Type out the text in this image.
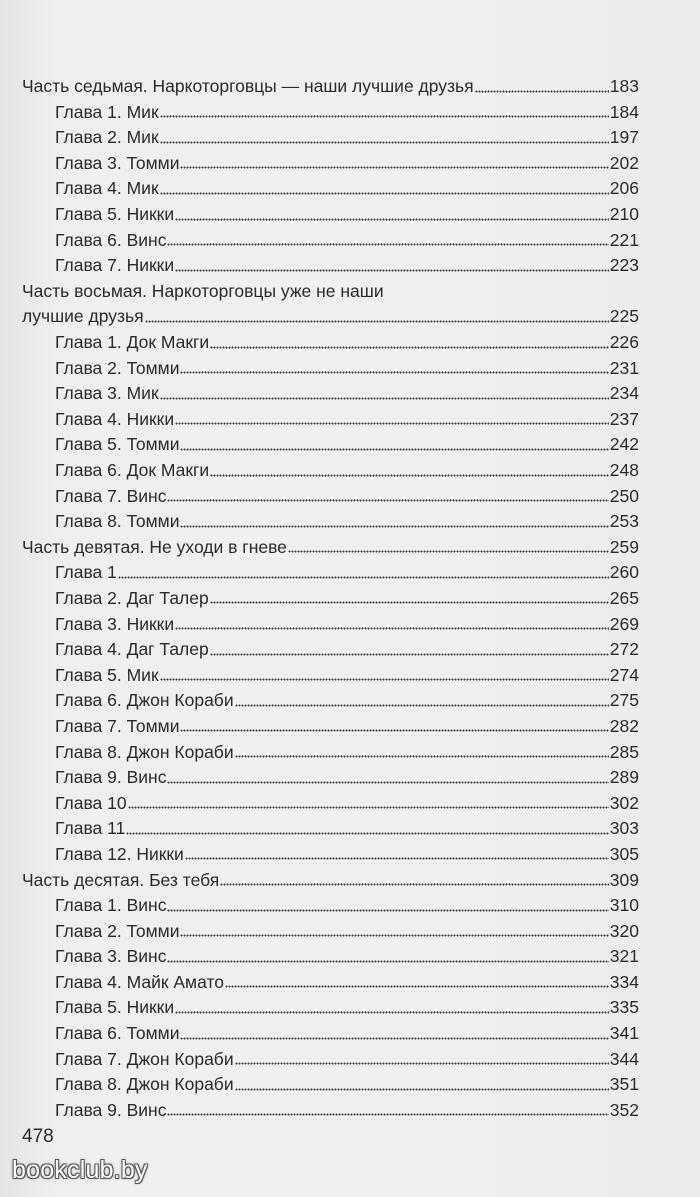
Часть седьмая. Наркоторговцы — наши лучшие друзья	183
Глава 1. Мик	184
Глава 2. Мик	197
Глава 3. Томми	202
Глава 4. Мик	206
Глава 5. Никки	210
Глава 6. Винс	221
Глава 7. Никки	223
Часть восьмая. Наркоторговцы уже не наши
лучшие друзья	225
Глава 1. Док Макги	226
Глава 2. Томми	231
Глава 3. Мик	234
Глава 4. Никки	237
Глава 5. Томми	242
Глава 6. Док Макги	248
Глава 7. Винс	250
Глава 8. Томми	253
Часть девятая. Не уходи в гневе	259
Глава 1	260
Глава 2. Даг Талер	265
Глава 3. Никки	269
Глава 4. Даг Талер	272
Глава 5. Мик	274
Глава 6. Джон Кораби	275
Глава 7. Томми	282
Глава 8. Джон Кораби	285
Глава 9. Винс	289
Глава 10	302
Глава 11	303
Глава 12. Никки	305
Часть десятая. Без тебя	309
Глава 1. Винс	310
Глава 2. Томми	320
Глава 3. Винс	321
Глава 4. Майк Амато	334
Глава 5. Никки	335
Глава 6. Томми	341
Глава 7. Джон Кораби	344
Глава 8. Джон Кораби	351
Глава 9. Винс	352
478
bookclub.by
